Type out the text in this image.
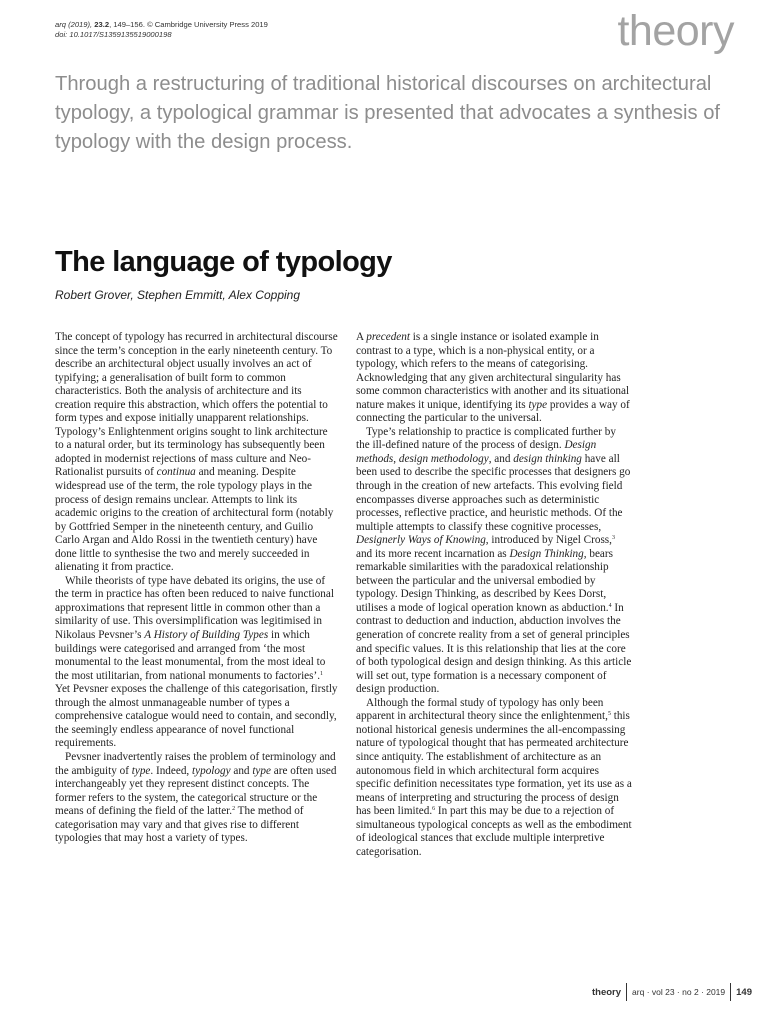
arq (2019), 23.2, 149–156. © Cambridge University Press 2019
doi: 10.1017/S1359135519000198	theory
Through a restructuring of traditional historical discourses on architectural typology, a typological grammar is presented that advocates a synthesis of typology with the design process.
The language of typology
Robert Grover, Stephen Emmitt, Alex Copping

The concept of typology has recurred in architectural discourse since the term’s conception in the early nineteenth century. To describe an architectural object usually involves an act of typifying; a generalisation of built form to common characteristics. Both the analysis of architecture and its creation require this abstraction, which offers the potential to form types and expose initially unapparent relationships. Typology’s Enlightenment origins sought to link architecture to a natural order, but its terminology has subsequently been adopted in modernist rejections of mass culture and Neo-Rationalist pursuits of continua and meaning. Despite widespread use of the term, the role typology plays in the process of design remains unclear. Attempts to link its academic origins to the creation of architectural form (notably by Gottfried Semper in the nineteenth century, and Guilio Carlo Argan and Aldo Rossi in the twentieth century) have done little to synthesise the two and merely succeeded in alienating it from practice.

While theorists of type have debated its origins, the use of the term in practice has often been reduced to naive functional approximations that represent little in common other than a similarity of use. This oversimplification was legitimised in Nikolaus Pevsner’s A History of Building Types in which buildings were categorised and arranged from ‘the most monumental to the least monumental, from the most ideal to the most utilitarian, from national monuments to factories’.$^1$ Yet Pevsner exposes the challenge of this categorisation, firstly through the almost unmanageable number of types a comprehensive catalogue would need to contain, and secondly, the seemingly endless appearance of novel functional requirements.

Pevsner inadvertently raises the problem of terminology and the ambiguity of type. Indeed, typology and type are often used interchangeably yet they represent distinct concepts. The former refers to the system, the categorical structure or the means of defining the field of the latter.$^2$ The method of categorisation may vary and that gives rise to different typologies that may host a variety of types.

A precedent is a single instance or isolated example in contrast to a type, which is a non-physical entity, or a typology, which refers to the means of categorising. Acknowledging that any given architectural singularity has some common characteristics with another and its situational nature makes it unique, identifying its type provides a way of connecting the particular to the universal.

Type’s relationship to practice is complicated further by the ill-defined nature of the process of design. Design methods, design methodology, and design thinking have all been used to describe the specific processes that designers go through in the creation of new artefacts. This evolving field encompasses diverse approaches such as deterministic processes, reflective practice, and heuristic methods. Of the multiple attempts to classify these cognitive processes, Designerly Ways of Knowing, introduced by Nigel Cross,$^3$ and its more recent incarnation as Design Thinking, bears remarkable similarities with the paradoxical relationship between the particular and the universal embodied by typology. Design Thinking, as described by Kees Dorst, utilises a mode of logical operation known as abduction.$^4$ In contrast to deduction and induction, abduction involves the generation of concrete reality from a set of general principles and specific values. It is this relationship that lies at the core of both typological design and design thinking. As this article will set out, type formation is a necessary component of design production.

Although the formal study of typology has only been apparent in architectural theory since the enlightenment,$^5$ this notional historical genesis undermines the all-encompassing nature of typological thought that has permeated architecture since antiquity. The establishment of architecture as an autonomous field in which architectural form acquires specific definition necessitates type formation, yet its use as a means of interpreting and structuring the process of design has been limited.$^6$ In part this may be due to a rejection of simultaneous typological concepts as well as the embodiment of ideological stances that exclude multiple interpretive categorisation.

theory arq · vol 23 · no 2 · 2019 149
